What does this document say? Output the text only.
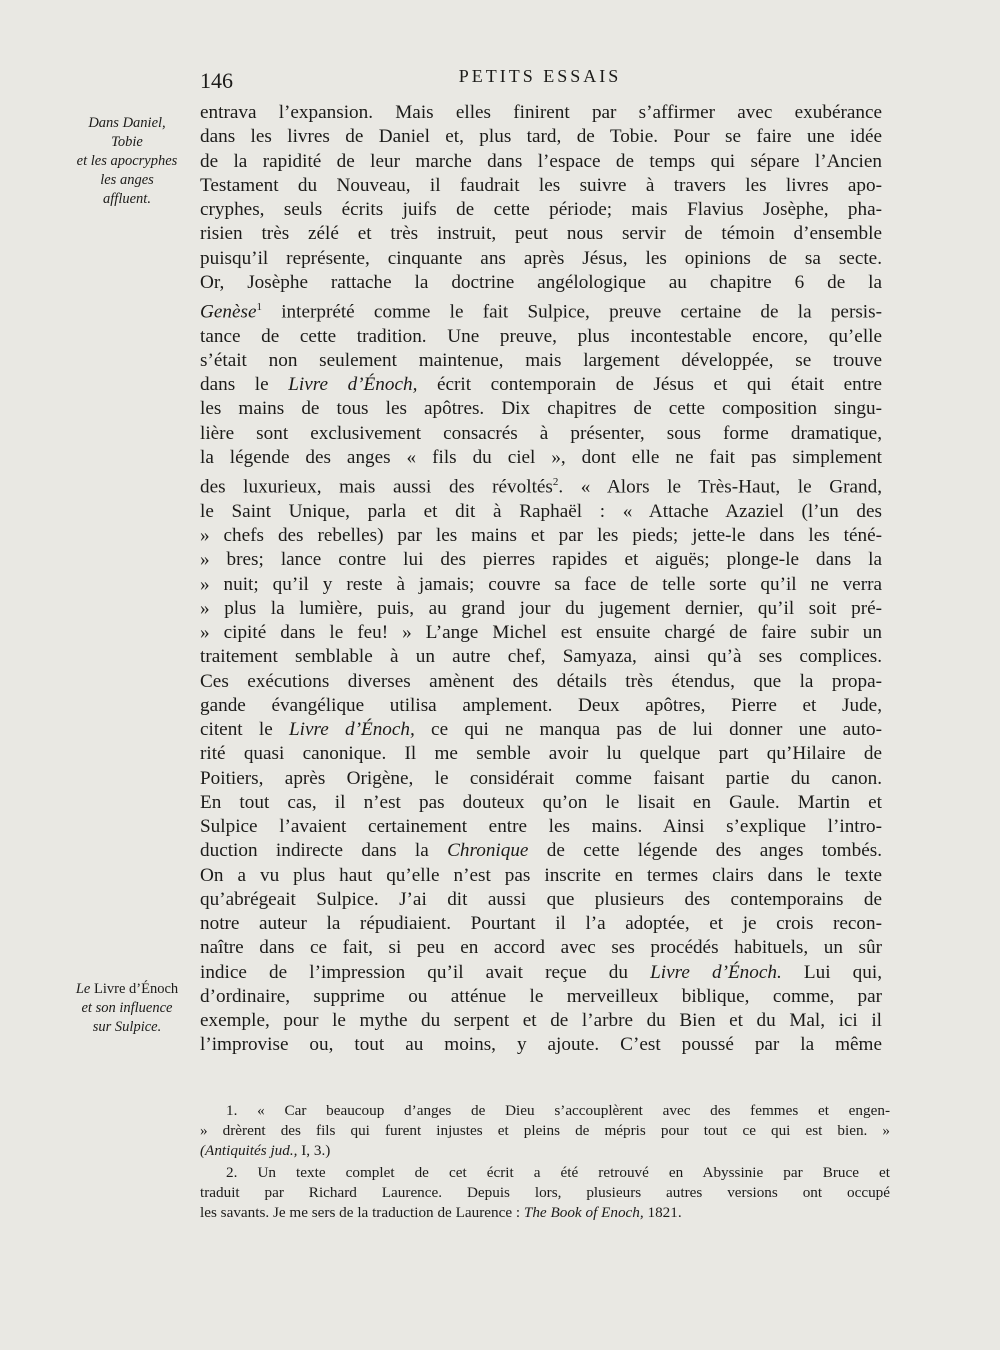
146	PETITS ESSAIS
Dans Daniel,
Tobie
et les apocryphes
les anges
affluent.
Le Livre d’Énoch
et son influence
sur Sulpice.
entrava l’expansion. Mais elles finirent par s’affirmer avec exubérance
dans les livres de Daniel et, plus tard, de Tobie. Pour se faire une idée
de la rapidité de leur marche dans l’espace de temps qui sépare l’Ancien
Testament du Nouveau, il faudrait les suivre à travers les livres apo-
cryphes, seuls écrits juifs de cette période; mais Flavius Josèphe, pha-
risien très zélé et très instruit, peut nous servir de témoin d’ensemble
puisqu’il représente, cinquante ans après Jésus, les opinions de sa secte.
Or, Josèphe rattache la doctrine angélologique au chapitre 6 de la
Genèse$^1$ interprété comme le fait Sulpice, preuve certaine de la persis-
tance de cette tradition. Une preuve, plus incontestable encore, qu’elle
s’était non seulement maintenue, mais largement développée, se trouve
dans le Livre d’Énoch, écrit contemporain de Jésus et qui était entre
les mains de tous les apôtres. Dix chapitres de cette composition singu-
lière sont exclusivement consacrés à présenter, sous forme dramatique,
la légende des anges « fils du ciel », dont elle ne fait pas simplement
des luxurieux, mais aussi des révoltés$^2$. « Alors le Très-Haut, le Grand,
le Saint Unique, parla et dit à Raphaël : « Attache Azaziel (l’un des
» chefs des rebelles) par les mains et par les pieds; jette-le dans les téné-
» bres; lance contre lui des pierres rapides et aiguës; plonge-le dans la
» nuit; qu’il y reste à jamais; couvre sa face de telle sorte qu’il ne verra
» plus la lumière, puis, au grand jour du jugement dernier, qu’il soit pré-
» cipité dans le feu! » L’ange Michel est ensuite chargé de faire subir un
traitement semblable à un autre chef, Samyaza, ainsi qu’à ses complices.
Ces exécutions diverses amènent des détails très étendus, que la propa-
gande évangélique utilisa amplement. Deux apôtres, Pierre et Jude,
citent le Livre d’Énoch, ce qui ne manqua pas de lui donner une auto-
rité quasi canonique. Il me semble avoir lu quelque part qu’Hilaire de
Poitiers, après Origène, le considérait comme faisant partie du canon.
En tout cas, il n’est pas douteux qu’on le lisait en Gaule. Martin et
Sulpice l’avaient certainement entre les mains. Ainsi s’explique l’intro-
duction indirecte dans la Chronique de cette légende des anges tombés.
On a vu plus haut qu’elle n’est pas inscrite en termes clairs dans le texte
qu’abrégeait Sulpice. J’ai dit aussi que plusieurs des contemporains de
notre auteur la répudiaient. Pourtant il l’a adoptée, et je crois recon-
naître dans ce fait, si peu en accord avec ses procédés habituels, un sûr
indice de l’impression qu’il avait reçue du Livre d’Énoch. Lui qui,
d’ordinaire, supprime ou atténue le merveilleux biblique, comme, par
exemple, pour le mythe du serpent et de l’arbre du Bien et du Mal, ici il
l’improvise ou, tout au moins, y ajoute. C’est poussé par la même
1. « Car beaucoup d’anges de Dieu s’accouplèrent avec des femmes et engen-
» drèrent des fils qui furent injustes et pleins de mépris pour tout ce qui est bien. »
(Antiquités jud., I, 3.)
2. Un texte complet de cet écrit a été retrouvé en Abyssinie par Bruce et
traduit par Richard Laurence. Depuis lors, plusieurs autres versions ont occupé
les savants. Je me sers de la traduction de Laurence : The Book of Enoch, 1821.
